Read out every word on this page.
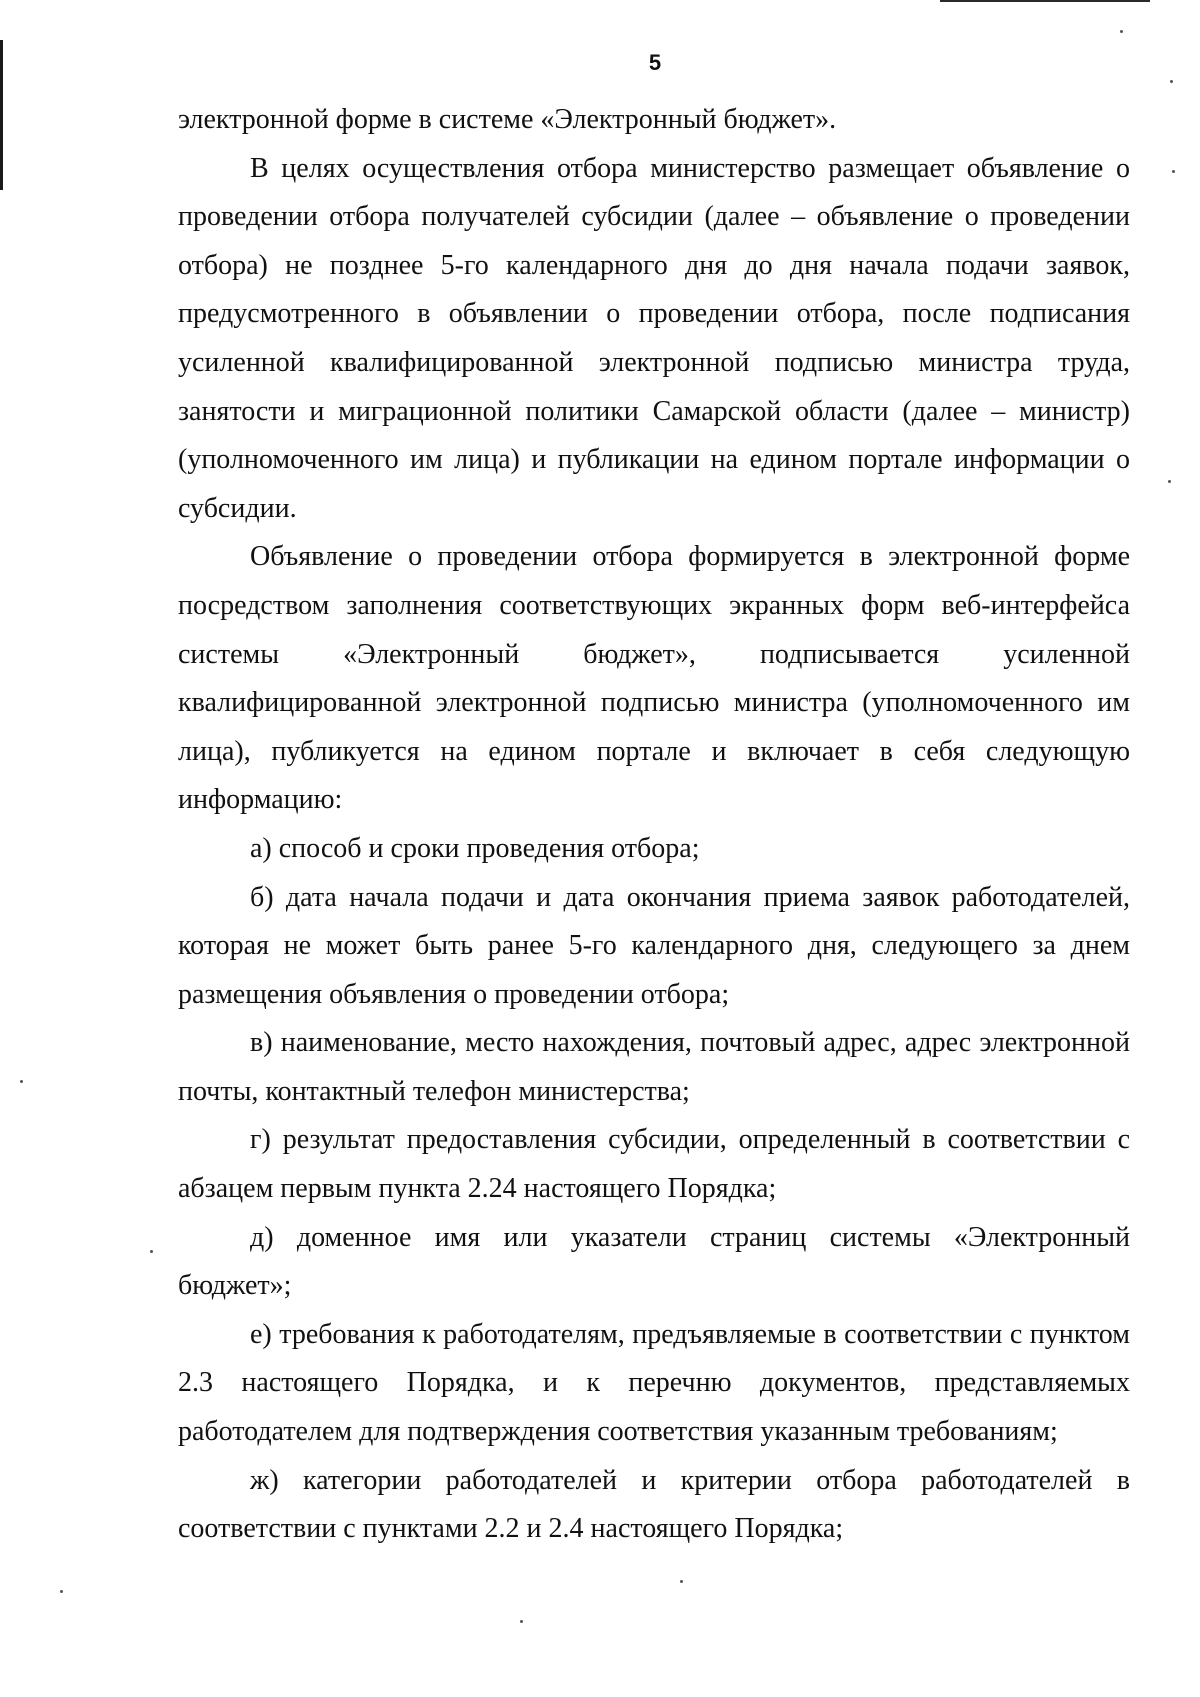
5

электронной форме в системе «Электронный бюджет».

В целях осуществления отбора министерство размещает объявление о проведении отбора получателей субсидии (далее – объявление о проведении отбора) не позднее 5-го календарного дня до дня начала подачи заявок, предусмотренного в объявлении о проведении отбора, после подписания усиленной квалифицированной электронной подписью министра труда, занятости и миграционной политики Самарской области (далее – министр) (уполномоченного им лица) и публикации на едином портале информации о субсидии.

Объявление о проведении отбора формируется в электронной форме посредством заполнения соответствующих экранных форм веб-интерфейса системы «Электронный бюджет», подписывается усиленной квалифицированной электронной подписью министра (уполномоченного им лица), публикуется на едином портале и включает в себя следующую информацию:

а) способ и сроки проведения отбора;

б) дата начала подачи и дата окончания приема заявок работодателей, которая не может быть ранее 5-го календарного дня, следующего за днем размещения объявления о проведении отбора;

в) наименование, место нахождения, почтовый адрес, адрес электронной почты, контактный телефон министерства;

г) результат предоставления субсидии, определенный в соответствии с абзацем первым пункта 2.24 настоящего Порядка;

д) доменное имя или указатели страниц системы «Электронный бюджет»;

е) требования к работодателям, предъявляемые в соответствии с пунктом 2.3 настоящего Порядка, и к перечню документов, представляемых работодателем для подтверждения соответствия указанным требованиям;

ж) категории работодателей и критерии отбора работодателей в соответствии с пунктами 2.2 и 2.4 настоящего Порядка;
